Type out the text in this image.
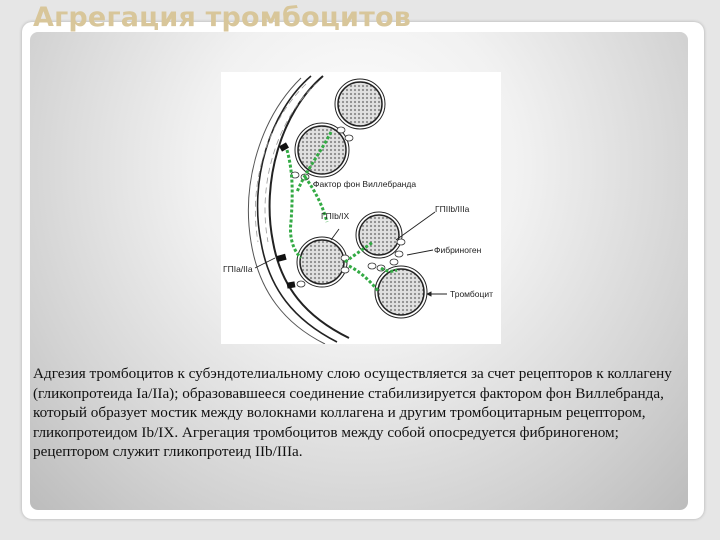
Агрегация тромбоцитов
Фактор фон Виллебранда
ГПIb/IX
ГПIIb/IIIa
Фибриноген
ГПIa/IIa
Тромбоцит

Адгезия тромбоцитов к субэндотелиальному слою осуществляется за счет рецепторов к коллагену (гликопротеида Ia/IIa); образовавшееся соединение стабилизируется фактором фон Виллебранда, который образует мостик между волокнами коллагена и другим тромбоцитарным рецептором, гликопротеидом Ib/IX. Агрегация тромбоцитов между собой опосредуется фибриногеном; рецептором служит гликопротеид IIb/IIIa.
